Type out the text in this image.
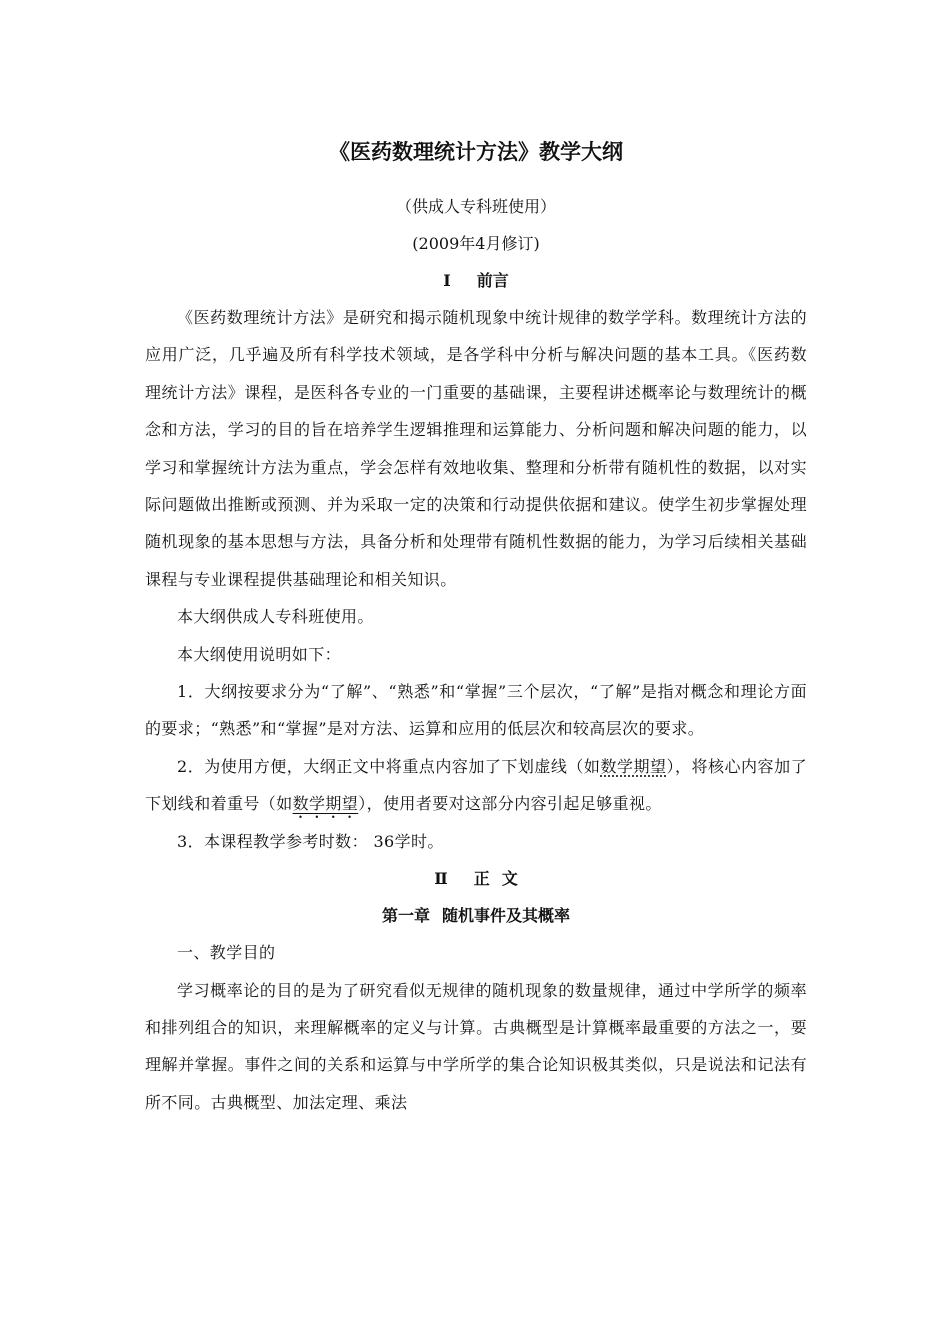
《医药数理统计方法》教学大纲

（供成人专科班使用）

(2009年4月修订)

Ⅰ 前言

《医药数理统计方法》是研究和揭示随机现象中统计规律的数学学科。数理统计方法的应用广泛，几乎遍及所有科学技术领域，是各学科中分析与解决问题的基本工具。《医药数理统计方法》课程，是医科各专业的一门重要的基础课，主要程讲述概率论与数理统计的概念和方法，学习的目的旨在培养学生逻辑推理和运算能力、分析问题和解决问题的能力，以学习和掌握统计方法为重点，学会怎样有效地收集、整理和分析带有随机性的数据，以对实际问题做出推断或预测、并为采取一定的决策和行动提供依据和建议。使学生初步掌握处理随机现象的基本思想与方法，具备分析和处理带有随机性数据的能力，为学习后续相关基础课程与专业课程提供基础理论和相关知识。

本大纲供成人专科班使用。

本大纲使用说明如下：

1．大纲按要求分为“了解”、“熟悉”和“掌握”三个层次，“了解”是指对概念和理论方面的要求；“熟悉”和“掌握”是对方法、运算和应用的低层次和较高层次的要求。

2．为使用方便，大纲正文中将重点内容加了下划虚线（如数学期望），将核心内容加了下划线和着重号（如数学期望），使用者要对这部分内容引起足够重视。

3．本课程教学参考时数： 36学时。

Ⅱ 正 文
第一章 随机事件及其概率

一、教学目的

学习概率论的目的是为了研究看似无规律的随机现象的数量规律，通过中学所学的频率和排列组合的知识，来理解概率的定义与计算。古典概型是计算概率最重要的方法之一，要理解并掌握。事件之间的关系和运算与中学所学的集合论知识极其类似，只是说法和记法有所不同。古典概型、加法定理、乘法
